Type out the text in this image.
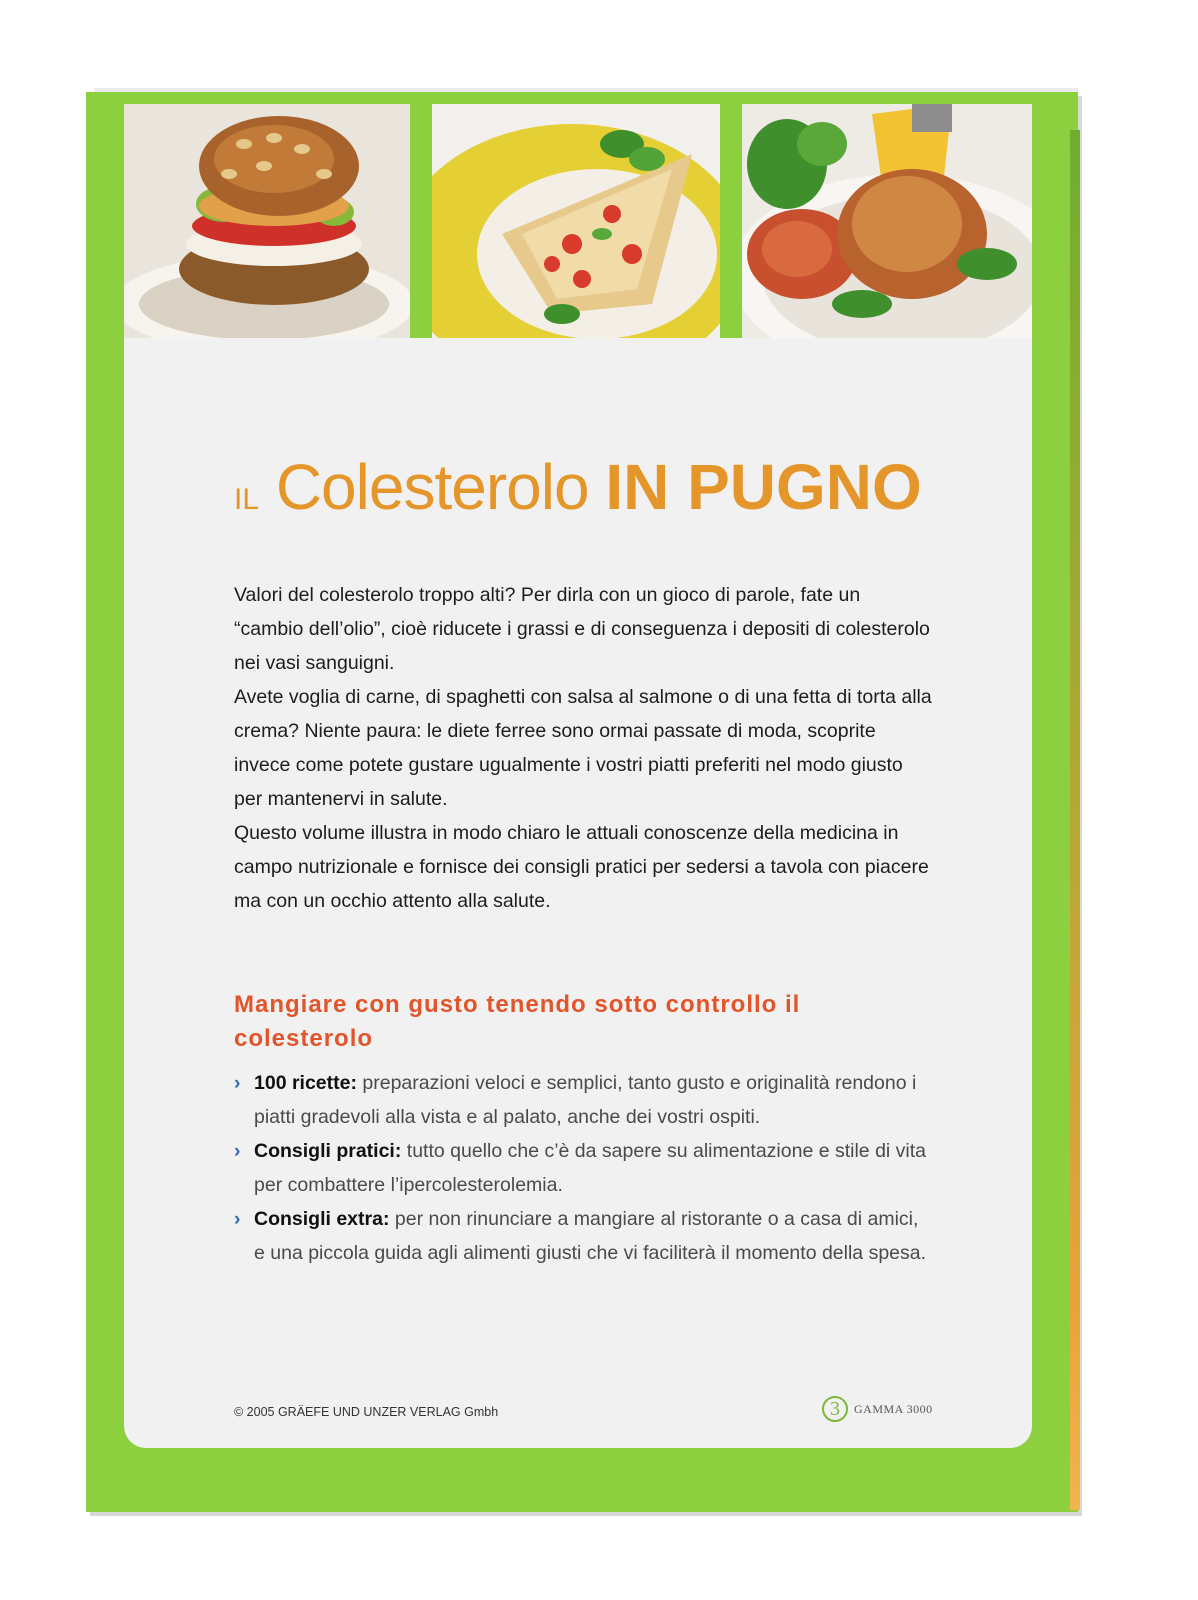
IL Colesterolo IN PUGNO

Valori del colesterolo troppo alti? Per dirla con un gioco di parole, fate un “cambio dell’olio”, cioè riducete i grassi e di conseguenza i depositi di colesterolo nei vasi sanguigni.

Avete voglia di carne, di spaghetti con salsa al salmone o di una fetta di torta alla crema? Niente paura: le diete ferree sono ormai passate di moda, scoprite invece come potete gustare ugualmente i vostri piatti preferiti nel modo giusto per mantenervi in salute.

Questo volume illustra in modo chiaro le attuali conoscenze della medicina in campo nutrizionale e fornisce dei consigli pratici per sedersi a tavola con piacere ma con un occhio attento alla salute.

Mangiare con gusto tenendo sotto controllo il colesterolo
› 100 ricette: preparazioni veloci e semplici, tanto gusto e originalità rendono i piatti gradevoli alla vista e al palato, anche dei vostri ospiti.
› Consigli pratici: tutto quello che c’è da sapere su alimentazione e stile di vita per combattere l’ipercolesterolemia.
› Consigli extra: per non rinunciare a mangiare al ristorante o a casa di amici, e una piccola guida agli alimenti giusti che vi faciliterà il momento della spesa.
© 2005 GRÄEFE UND UNZER VERLAG Gmbh	3	GAMMA 3000
